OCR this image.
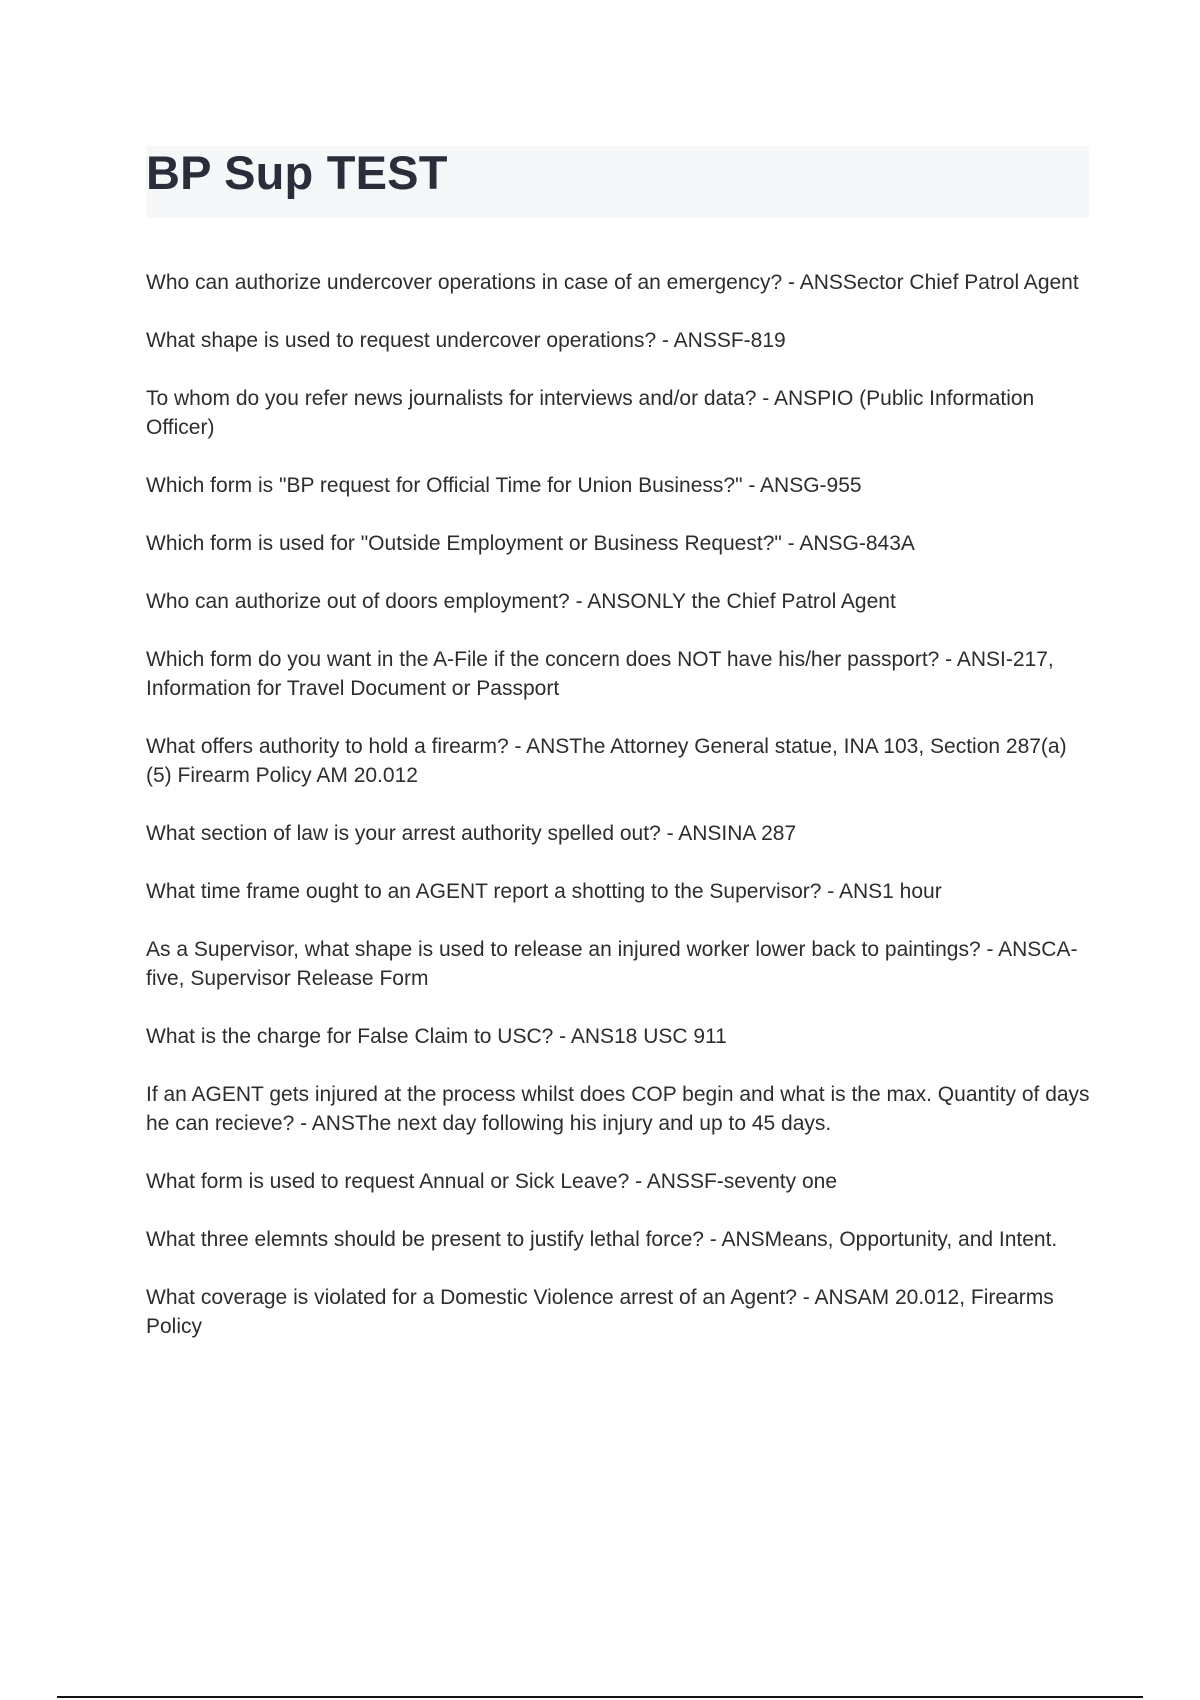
BP Sup TEST
Who can authorize undercover operations in case of an emergency? - ANSSector Chief Patrol Agent
What shape is used to request undercover operations? - ANSSF-819
To whom do you refer news journalists for interviews and/or data? - ANSPIO (Public Information Officer)
Which form is "BP request for Official Time for Union Business?" - ANSG-955
Which form is used for "Outside Employment or Business Request?" - ANSG-843A
Who can authorize out of doors employment? - ANSONLY the Chief Patrol Agent
Which form do you want in the A-File if the concern does NOT have his/her passport? - ANSI-217, Information for Travel Document or Passport
What offers authority to hold a firearm? - ANSThe Attorney General statue, INA 103, Section 287(a)(5) Firearm Policy AM 20.012
What section of law is your arrest authority spelled out? - ANSINA 287
What time frame ought to an AGENT report a shotting to the Supervisor? - ANS1 hour
As a Supervisor, what shape is used to release an injured worker lower back to paintings? - ANSCA-five, Supervisor Release Form
What is the charge for False Claim to USC? - ANS18 USC 911
If an AGENT gets injured at the process whilst does COP begin and what is the max. Quantity of days he can recieve? - ANSThe next day following his injury and up to 45 days.
What form is used to request Annual or Sick Leave? - ANSSF-seventy one
What three elemnts should be present to justify lethal force? - ANSMeans, Opportunity, and Intent.
What coverage is violated for a Domestic Violence arrest of an Agent? - ANSAM 20.012, Firearms Policy
